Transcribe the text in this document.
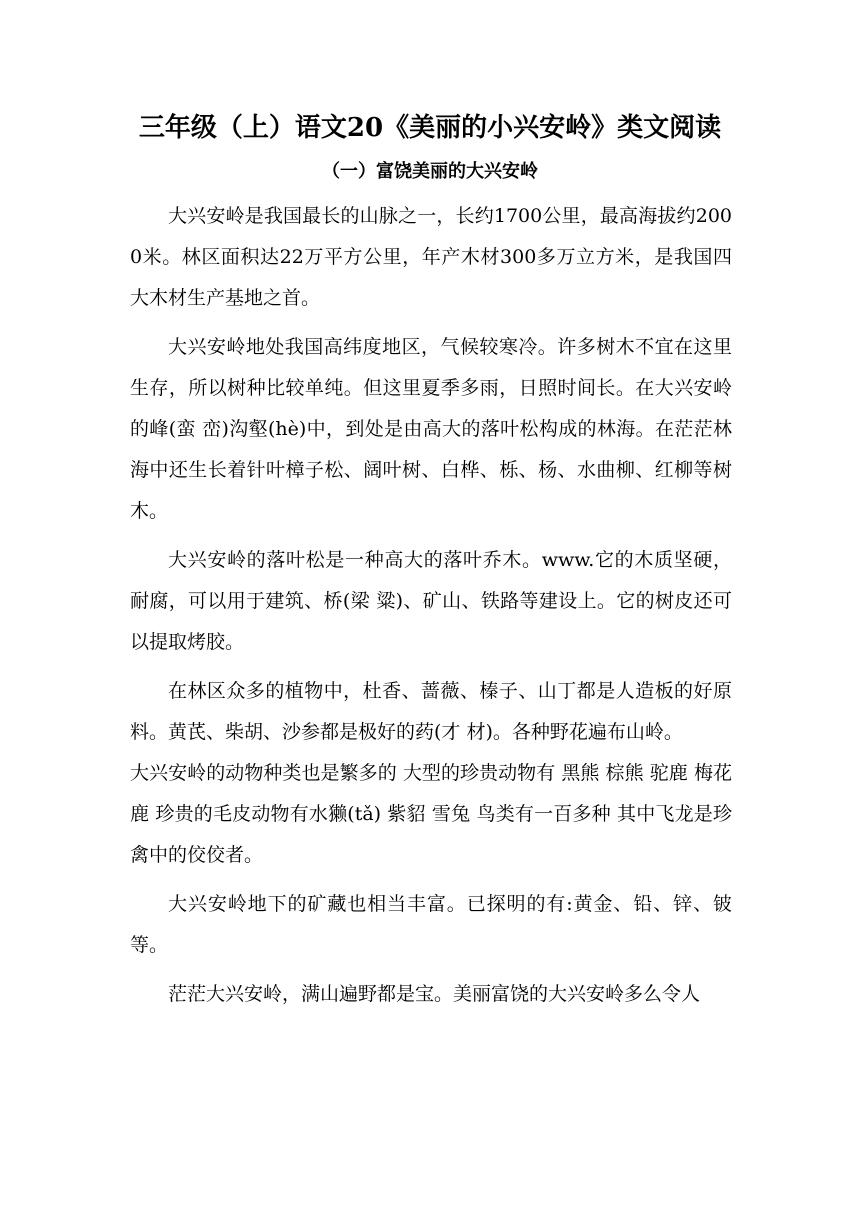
三年级（上）语文20《美丽的小兴安岭》类文阅读
（一）富饶美丽的大兴安岭

大兴安岭是我国最长的山脉之一，长约1700公里，最高海拔约2000米。林区面积达22万平方公里，年产木材300多万立方米，是我国四大木材生产基地之首。

大兴安岭地处我国高纬度地区，气候较寒冷。许多树木不宜在这里生存，所以树种比较单纯。但这里夏季多雨，日照时间长。在大兴安岭的峰(蛮 峦)沟壑(hè)中，到处是由高大的落叶松构成的林海。在茫茫林海中还生长着针叶樟子松、阔叶树、白桦、栎、杨、水曲柳、红柳等树木。

大兴安岭的落叶松是一种高大的落叶乔木。www.它的木质坚硬，耐腐，可以用于建筑、桥(梁 粱)、矿山、铁路等建设上。它的树皮还可以提取烤胶。

在林区众多的植物中，杜香、蔷薇、榛子、山丁都是人造板的好原料。黄芪、柴胡、沙参都是极好的药(才 材)。各种野花遍布山岭。

大兴安岭的动物种类也是繁多的 大型的珍贵动物有 黑熊 棕熊 驼鹿 梅花鹿 珍贵的毛皮动物有水獭(tǎ) 紫貂 雪兔 鸟类有一百多种 其中飞龙是珍禽中的佼佼者。

大兴安岭地下的矿藏也相当丰富。已探明的有:黄金、铅、锌、铍等。

茫茫大兴安岭，满山遍野都是宝。美丽富饶的大兴安岭多么令人
